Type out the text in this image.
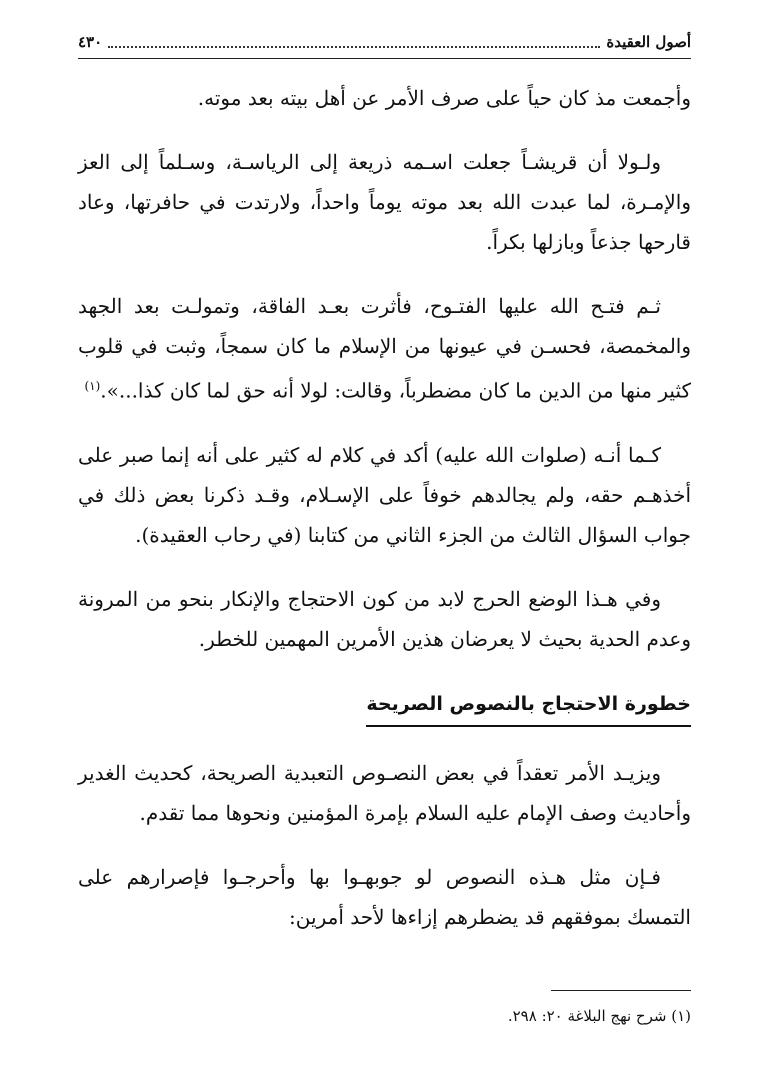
أصول العقيدة
٤٣٠

وأجمعت مذ كان حياً على صرف الأمر عن أهل بيته بعد موته.

ولـولا أن قريشـاً جعلت اسـمه ذريعة إلى الرياسـة، وسـلماً إلى العز والإمـرة، لما عبدت الله بعد موته يوماً واحداً، ولارتدت في حافرتها، وعاد قارحها جذعاً وبازلها بكراً.

ثـم فتـح الله عليها الفتـوح، فأثرت بعـد الفاقة، وتمولـت بعد الجهد والمخمصة، فحسـن في عيونها من الإسلام ما كان سمجاً، وثبت في قلوب كثير منها من الدين ما كان مضطرباً، وقالت: لولا أنه حق لما كان كذا...».$^{(١)}$

كـما أنـه (صلوات الله عليه) أكد في كلام له كثير على أنه إنما صبر على أخذهـم حقه، ولم يجالدهم خوفاً على الإسـلام، وقـد ذكرنا بعض ذلك في جواب السؤال الثالث من الجزء الثاني من كتابنا (في رحاب العقيدة).

وفي هـذا الوضع الحرج لابد من كون الاحتجاج والإنكار بنحو من المرونة وعدم الحدية بحيث لا يعرضان هذين الأمرين المهمين للخطر.

خطورة الاحتجاج بالنصوص الصريحة

ويزيـد الأمر تعقداً في بعض النصـوص التعبدية الصريحة، كحديث الغدير وأحاديث وصف الإمام عليه السلام بإمرة المؤمنين ونحوها مما تقدم.

فـإن مثل هـذه النصوص لو جوبهـوا بها وأحرجـوا فإصرارهم على التمسك بموفقهم قد يضطرهم إزاءها لأحد أمرين:

(١) شرح نهج البلاغة ٢٠: ٢٩٨.
